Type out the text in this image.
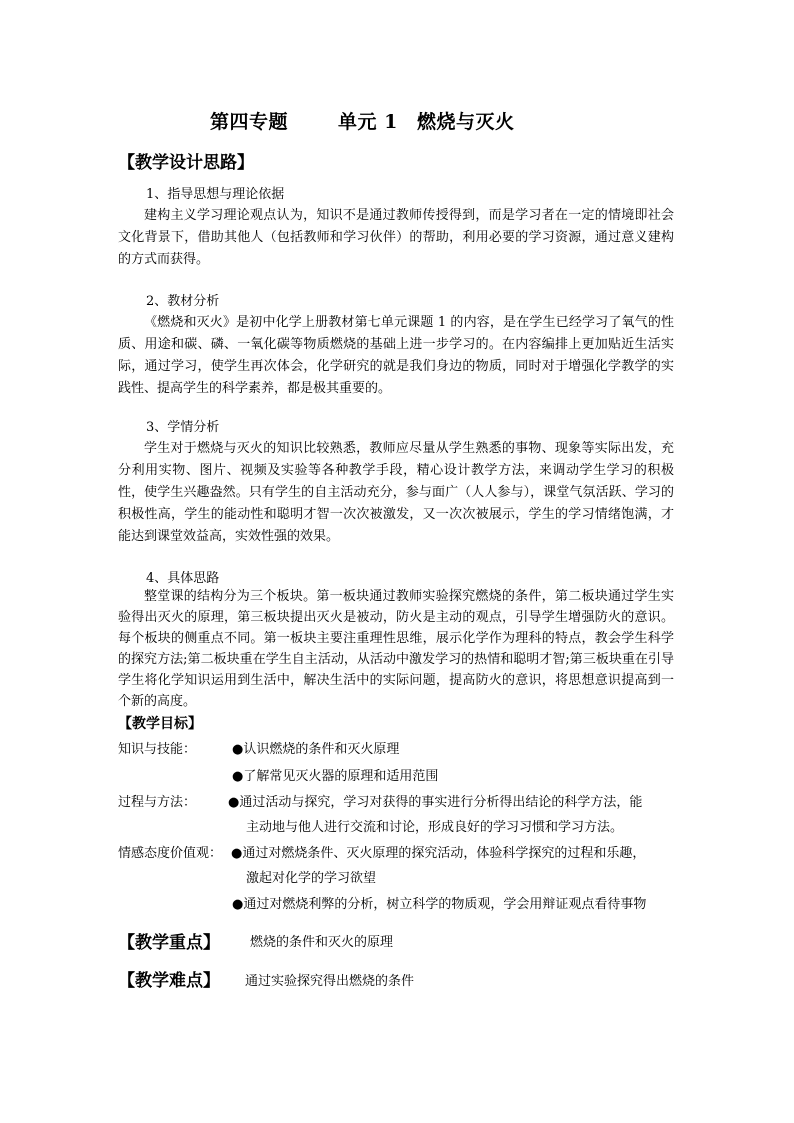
第四专题	单元 1 燃烧与灭火
【教学设计思路】
1、指导思想与理论依据
建构主义学习理论观点认为，知识不是通过教师传授得到，而是学习者在一定的情境即社会文化背景下，借助其他人（包括教师和学习伙伴）的帮助，利用必要的学习资源，通过意义建构的方式而获得。
2、教材分析
《燃烧和灭火》是初中化学上册教材第七单元课题 1 的内容，是在学生已经学习了氧气的性质、用途和碳、磷、一氧化碳等物质燃烧的基础上进一步学习的。在内容编排上更加贴近生活实际，通过学习，使学生再次体会，化学研究的就是我们身边的物质，同时对于增强化学教学的实践性、提高学生的科学素养，都是极其重要的。
3、学情分析
学生对于燃烧与灭火的知识比较熟悉，教师应尽量从学生熟悉的事物、现象等实际出发，充分利用实物、图片、视频及实验等各种教学手段，精心设计教学方法，来调动学生学习的积极性，使学生兴趣盎然。只有学生的自主活动充分，参与面广（人人参与），课堂气氛活跃、学习的积极性高，学生的能动性和聪明才智一次次被激发，又一次次被展示，学生的学习情绪饱满，才能达到课堂效益高，实效性强的效果。
4、具体思路
整堂课的结构分为三个板块。第一板块通过教师实验探究燃烧的条件，第二板块通过学生实验得出灭火的原理，第三板块提出灭火是被动，防火是主动的观点，引导学生增强防火的意识。每个板块的侧重点不同。第一板块主要注重理性思维，展示化学作为理科的特点，教会学生科学的探究方法;第二板块重在学生自主活动，从活动中激发学习的热情和聪明才智;第三板块重在引导学生将化学知识运用到生活中，解决生活中的实际问题，提高防火的意识，将思想意识提高到一个新的高度。
【教学目标】
知识与技能：	●认识燃烧的条件和灭火原理
●了解常见灭火器的原理和适用范围
过程与方法： ●通过活动与探究，学习对获得的事实进行分析得出结论的科学方法，能
主动地与他人进行交流和讨论，形成良好的学习习惯和学习方法。
情感态度价值观： ●通过对燃烧条件、灭火原理的探究活动，体验科学探究的过程和乐趣，
激起对化学的学习欲望
●通过对燃烧利弊的分析，树立科学的物质观，学会用辩证观点看待事物
【教学重点】 燃烧的条件和灭火的原理
【教学难点】 通过实验探究得出燃烧的条件
